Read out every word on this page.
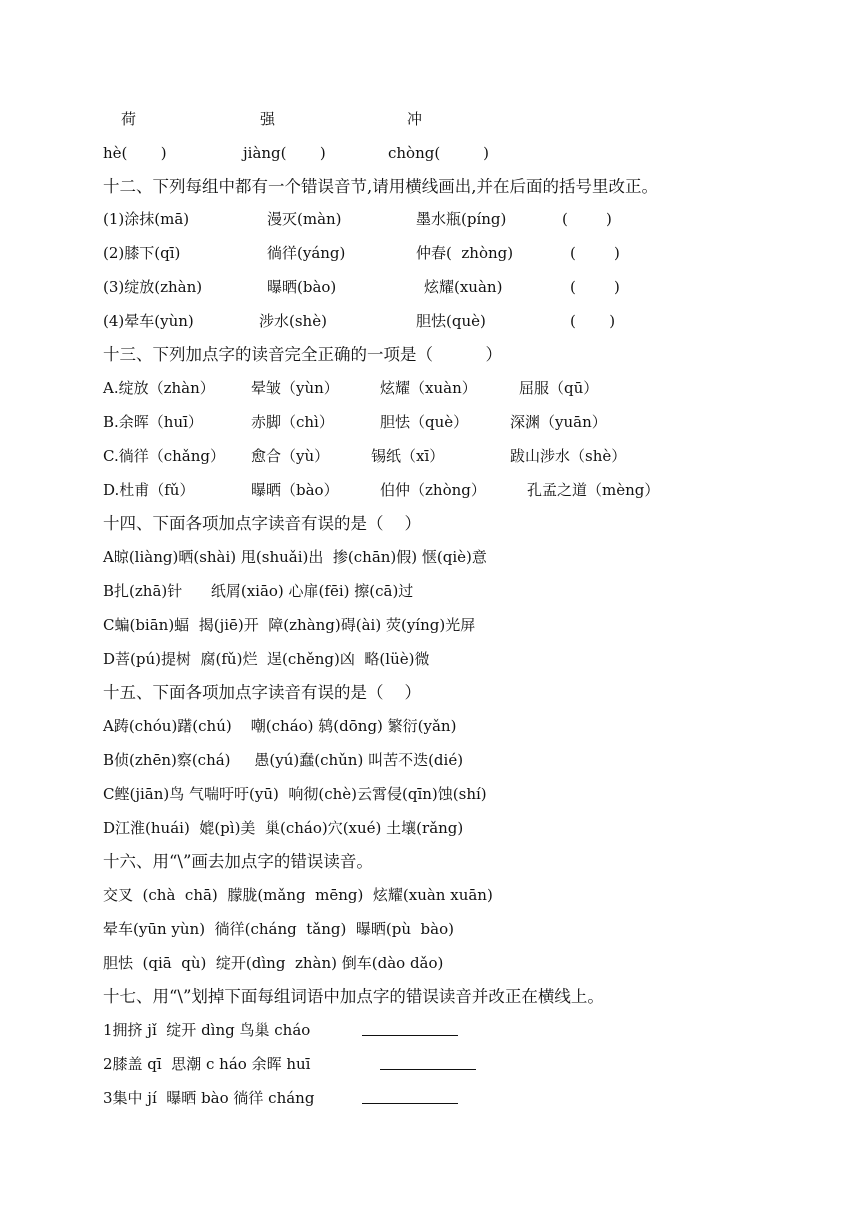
荷	强	冲
hè(       )	jiàng(       )	chòng(         )
十二、下列每组中都有一个错误音节,请用横线画出,并在后面的括号里改正。
(1)涂抹(mā)	漫灭(màn)	墨水瓶(píng)	(        )
(2)膝下(qī)	徜徉(yáng)	仲春(  zhòng)	(        )
(3)绽放(zhàn)	曝晒(bào)	炫耀(xuàn)	(        )
(4)晕车(yùn)	涉水(shè)	胆怯(què)	(       )
十三、下列加点字的读音完全正确的一项是（          ）
A.绽放（zhàn） 晕皱（yùn）	炫耀（xuàn）	屈服（qū）
B.余晖（huī）	赤脚（chì）	胆怯（què）	深渊（yuān）
C.徜徉（chǎng） 愈合（yù）	锡纸（xī）	跋山涉水（shè）
D.杜甫（fǔ）	曝晒（bào）	伯仲（zhòng）	孔孟之道（mèng）
十四、下面各项加点字读音有误的是（    ）
A晾(liàng)晒(shài) 甩(shuǎi)出  掺(chān)假) 惬(qiè)意
B扎(zhā)针      纸屑(xiāo) 心扉(fēi) 擦(cā)过
C蝙(biān)蝠  揭(jiē)开  障(zhàng)碍(ài) 荧(yíng)光屏
D菩(pú)提树  腐(fǔ)烂  逞(chěng)凶  略(lüè)微
十五、下面各项加点字读音有误的是（    ）
A踌(chóu)躇(chú)    嘲(cháo) 鸫(dōng) 繁衍(yǎn)
B侦(zhēn)察(chá)     愚(yú)蠢(chǔn) 叫苦不迭(dié)
C鲣(jiān)鸟 气喘吁吁(yū)  响彻(chè)云霄侵(qīn)蚀(shí)
D江淮(huái)  媲(pì)美  巢(cháo)穴(xué) 土壤(rǎng)
十六、用“\”画去加点字的错误读音。
交叉  (chà  chā)  朦胧(mǎng  mēng)  炫耀(xuàn xuān)
晕车(yūn yùn)  徜徉(cháng  tǎng)  曝晒(pù  bào)
胆怯  (qiā  qù)  绽开(dìng  zhàn) 倒车(dào dǎo)
十七、用“\”划掉下面每组词语中加点字的错误读音并改正在横线上。
1拥挤 jǐ  绽开 dìng 鸟巢 cháo
2膝盖 qī  思潮 c háo 余晖 huī
3集中 jí  曝晒 bào 徜徉 cháng
